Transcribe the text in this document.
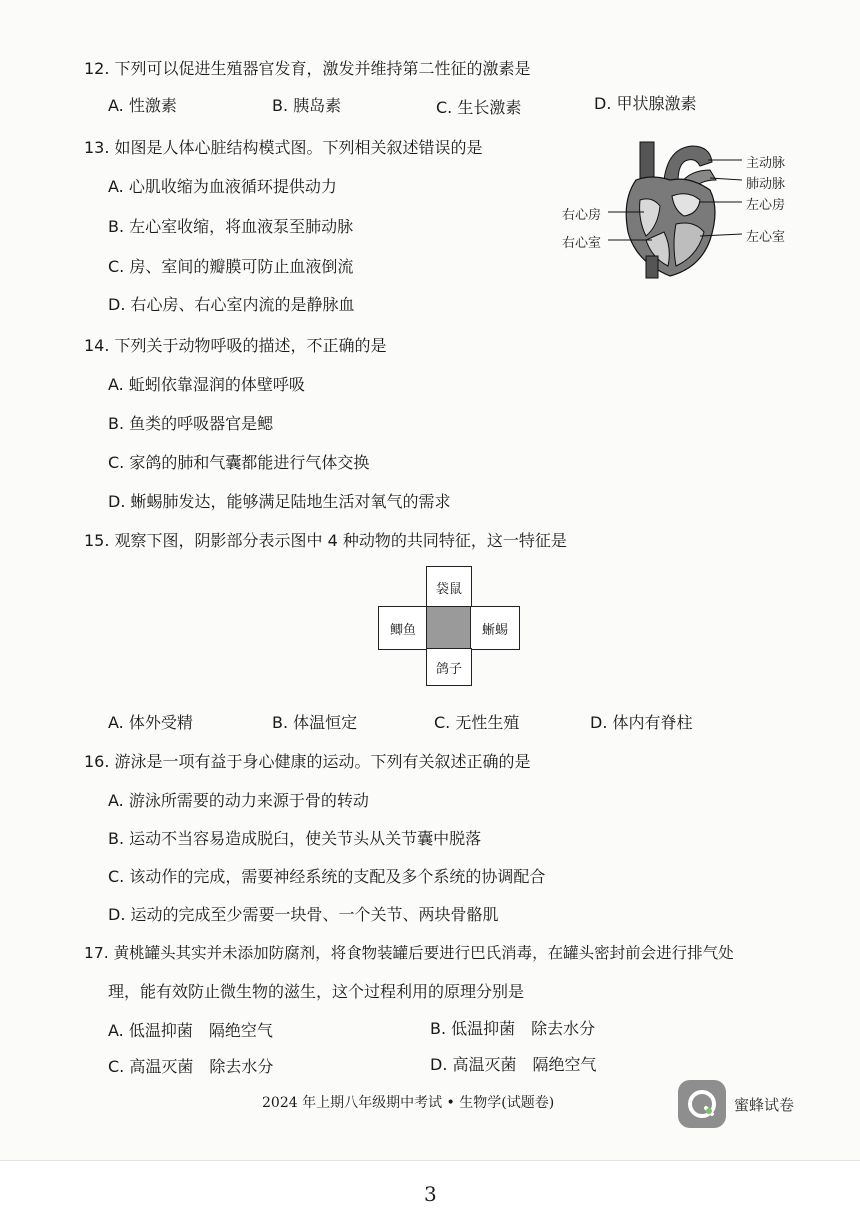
12. 下列可以促进生殖器官发育，激发并维持第二性征的激素是
A. 性激素	B. 胰岛素	C. 生长激素	D. 甲状腺激素
13. 如图是人体心脏结构模式图。下列相关叙述错误的是
A. 心肌收缩为血液循环提供动力
B. 左心室收缩，将血液泵至肺动脉
C. 房、室间的瓣膜可防止血液倒流
D. 右心房、右心室内流的是静脉血
主动脉
肺动脉
左心房
左心室
右心房
右心室
14. 下列关于动物呼吸的描述，不正确的是
A. 蚯蚓依靠湿润的体壁呼吸
B. 鱼类的呼吸器官是鳃
C. 家鸽的肺和气囊都能进行气体交换
D. 蜥蜴肺发达，能够满足陆地生活对氧气的需求
15. 观察下图，阴影部分表示图中 4 种动物的共同特征，这一特征是
袋鼠
鲫鱼	蜥蜴
鸽子
A. 体外受精	B. 体温恒定	C. 无性生殖	D. 体内有脊柱
16. 游泳是一项有益于身心健康的运动。下列有关叙述正确的是
A. 游泳所需要的动力来源于骨的转动
B. 运动不当容易造成脱臼，使关节头从关节囊中脱落
C. 该动作的完成，需要神经系统的支配及多个系统的协调配合
D. 运动的完成至少需要一块骨、一个关节、两块骨骼肌
17. 黄桃罐头其实并未添加防腐剂，将食物装罐后要进行巴氏消毒，在罐头密封前会进行排气处
理，能有效防止微生物的滋生，这个过程利用的原理分别是
A. 低温抑菌　隔绝空气	B. 低温抑菌　除去水分
C. 高温灭菌　除去水分	D. 高温灭菌　隔绝空气
2024 年上期八年级期中考试 • 生物学(试题卷)	蜜蜂试卷
3
